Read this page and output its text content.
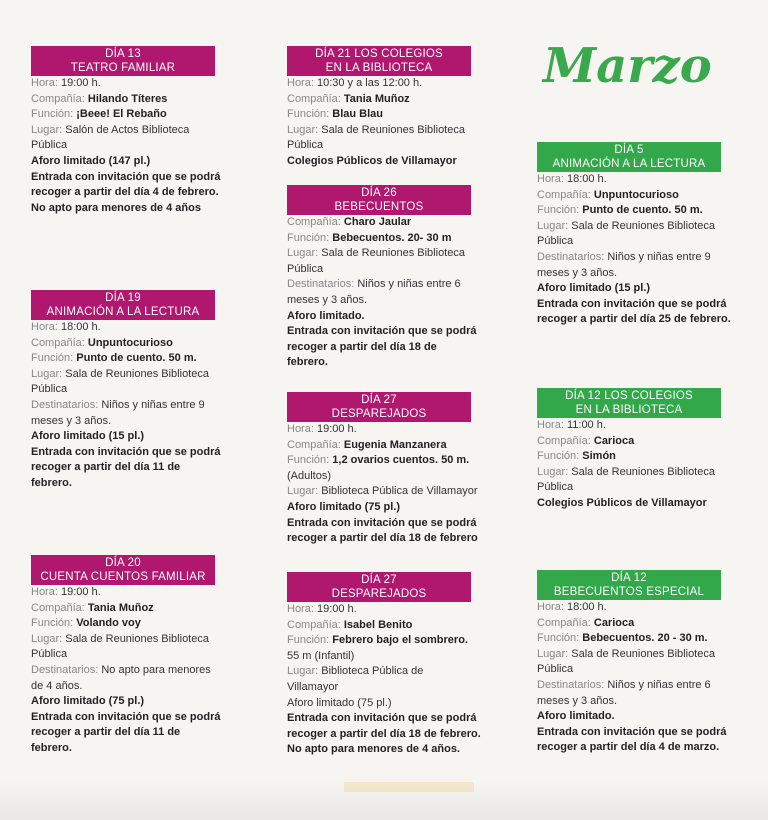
Marzo
DÍA 13
TEATRO FAMILIAR
Hora: 19:00 h.
Compañía: Hilando Títeres
Función: ¡Beee! El Rebaño
Lugar: Salón de Actos Biblioteca
Pública
Aforo limitado (147 pl.)
Entrada con invitación que se podrá
recoger a partir del día 4 de febrero.
No apto para menores de 4 años
DÍA 19
ANIMACIÓN A LA LECTURA
Hora: 18:00 h.
Compañía: Unpuntocurioso
Función: Punto de cuento. 50 m.
Lugar: Sala de Reuniones Biblioteca
Pública
Destinatarios: Niños y niñas entre 9
meses y 3 años.
Aforo limitado (15 pl.)
Entrada con invitación que se podrá
recoger a partir del día 11 de
febrero.
DÍA 20
CUENTA CUENTOS FAMILIAR
Hora: 19:00 h.
Compañía: Tania Muñoz
Función: Volando voy
Lugar: Sala de Reuniones Biblioteca
Pública
Destinatarios: No apto para menores
de 4 años.
Aforo limitado (75 pl.)
Entrada con invitación que se podrá
recoger a partir del día 11 de
febrero.
DÍA 21 LOS COLEGIOS
EN LA BIBLIOTECA
Hora: 10:30 y a las 12:00 h.
Compañía: Tania Muñoz
Función: Blau Blau
Lugar: Sala de Reuniones Biblioteca
Pública
Colegios Públicos de Villamayor
DÍA 26
BEBECUENTOS
Compañía: Charo Jaular
Función: Bebecuentos. 20- 30 m
Lugar: Sala de Reuniones Biblioteca
Pública
Destinatarios: Niños y niñas entre 6
meses y 3 años.
Aforo limitado.
Entrada con invitación que se podrá
recoger a partir del día 18 de
febrero.
DÍA 27
DESPAREJADOS
Hora: 19:00 h.
Compañía: Eugenia Manzanera
Función: 1,2 ovarios cuentos. 50 m.
(Adultos)
Lugar: Biblioteca Pública de Villamayor
Aforo limitado (75 pl.)
Entrada con invitación que se podrá
recoger a partir del día 18 de febrero
DÍA 27
DESPAREJADOS
Hora: 19:00 h.
Compañía: Isabel Benito
Función: Febrero bajo el sombrero.
55 m (Infantil)
Lugar: Biblioteca Pública de
Villamayor
Aforo limitado (75 pl.)
Entrada con invitación que se podrá
recoger a partir del día 18 de febrero.
No apto para menores de 4 años.
DÍA 5
ANIMACIÓN A LA LECTURA
Hora: 18:00 h.
Compañía: Unpuntocurioso
Función: Punto de cuento. 50 m.
Lugar: Sala de Reuniones Biblioteca
Pública
Destinatarios: Niños y niñas entre 9
meses y 3 años.
Aforo limitado (15 pl.)
Entrada con invitación que se podrá
recoger a partir del día 25 de febrero.
DÍA 12 LOS COLEGIOS
EN LA BIBLIOTECA
Hora: 11:00 h.
Compañía: Carioca
Función: Simón
Lugar: Sala de Reuniones Biblioteca
Pública
Colegios Públicos de Villamayor
DÍA 12
BEBECUENTOS ESPECIAL
Hora: 18:00 h.
Compañía: Carioca
Función: Bebecuentos. 20 - 30 m.
Lugar: Sala de Reuniones Biblioteca
Pública
Destinatarios: Niños y niñas entre 6
meses y 3 años.
Aforo limitado.
Entrada con invitación que se podrá
recoger a partir del día 4 de marzo.
